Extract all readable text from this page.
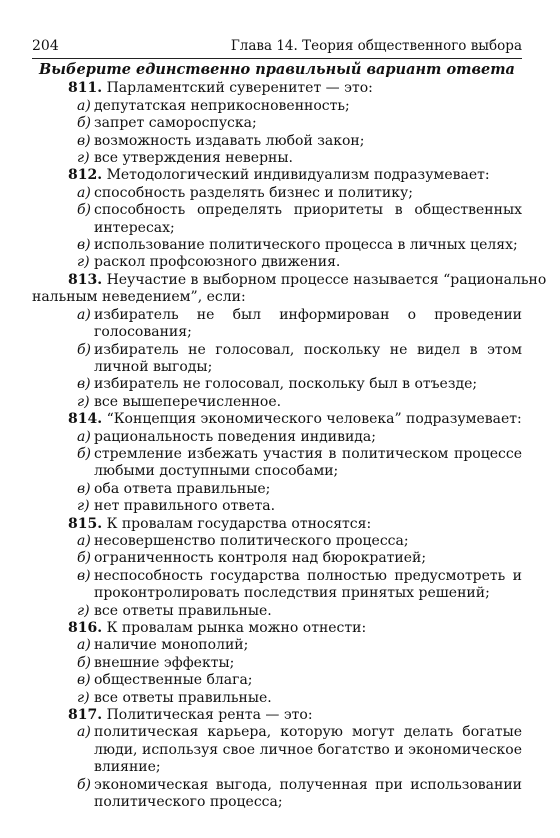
204	Глава 14. Теория общественного выбора
Выберите единственно правильный вариант ответа

811. Парламентский суверенитет — это:

а) депутатская неприкосновенность;

б) запрет самороспуска;

в) возможность издавать любой закон;

г) все утверждения неверны.

812. Методологический индивидуализм подразумевает:

а) способность разделять бизнес и политику;

б) способность определять приоритеты в общественных интересах;

в) использование политического процесса в личных целях;

г) раскол профсоюзного движения.

813. Неучастие в выборном процессе называется “рационально

нальным неведением”, если:

а) избиратель не был информирован о проведении голосования;

б) избиратель не голосовал, поскольку не видел в этом личной выгоды;

в) избиратель не голосовал, поскольку был в отъезде;

г) все вышеперечисленное.

814. “Концепция экономического человека” подразумевает:

а) рациональность поведения индивида;

б) стремление избежать участия в политическом процессе любыми доступными способами;

в) оба ответа правильные;

г) нет правильного ответа.

815. К провалам государства относятся:

а) несовершенство политического процесса;

б) ограниченность контроля над бюрократией;

в) неспособность государства полностью предусмотреть и проконтролировать последствия принятых решений;

г) все ответы правильные.

816. К провалам рынка можно отнести:

а) наличие монополий;

б) внешние эффекты;

в) общественные блага;

г) все ответы правильные.

817. Политическая рента — это:

а) политическая карьера, которую могут делать богатые люди, используя свое личное богатство и экономическое влияние;

б) экономическая выгода, полученная при использовании политического процесса;
